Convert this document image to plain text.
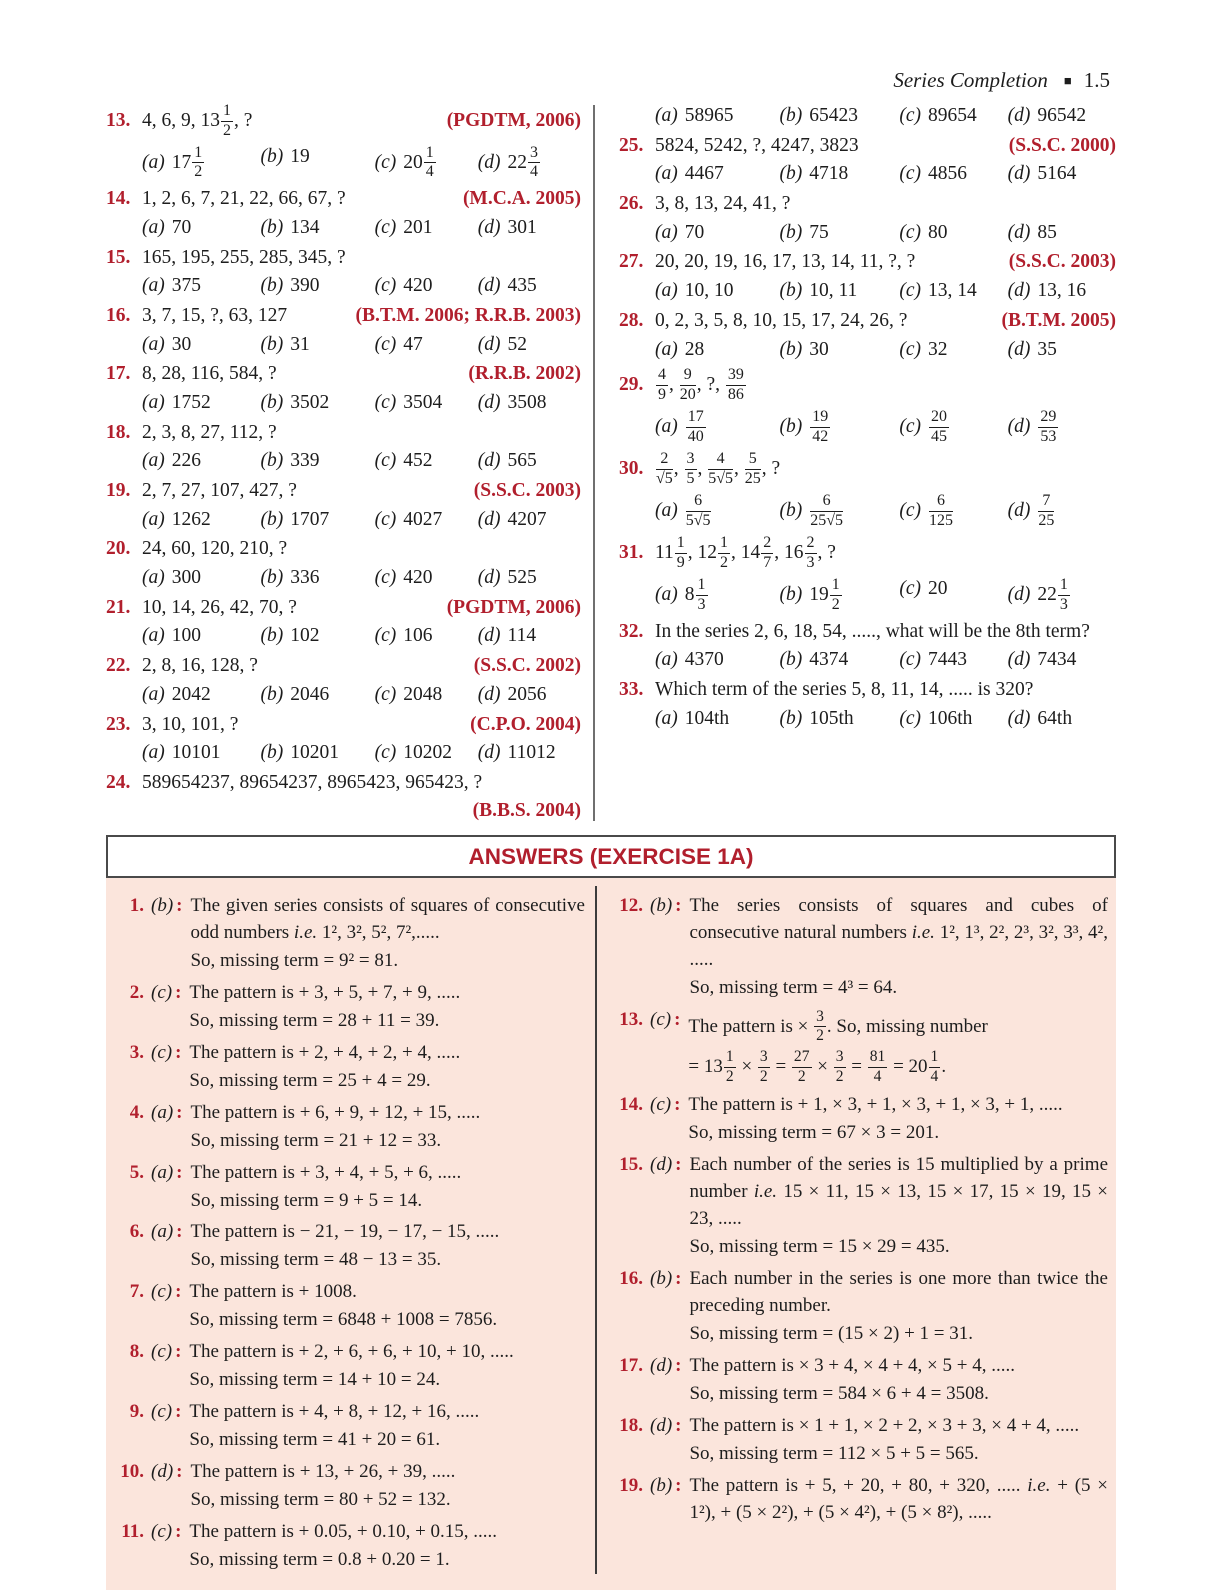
Series Completion ■ 1.5
13. 4, 6, 9, $13 \frac{1}{2}$ , ?	(PGDTM, 2006)
(a) $17 \frac{1}{2}$	(b) 19	(c) $20 \frac{1}{4} (d)$ $22 \frac{3}{4}$
14. 1, 2, 6, 7, 21, 22, 66, 67, ?	(M.C.A. 2005)
(a) 70	(b) 134	(c) 201	(d) 301
15. 165, 195, 255, 285, 345, ?
(a) 375	(b) 390	(c) 420	(d) 435
16. 3, 7, 15, ?, 63, 127	(B.T.M. 2006; R.R.B. 2003)
(a) 30	(b) 31	(c) 47	(d) 52
17. 8, 28, 116, 584, ?	(R.R.B. 2002)
(a) 1752	(b) 3502	(c) 3504	(d) 3508
18. 2, 3, 8, 27, 112, ?
(a) 226	(b) 339	(c) 452	(d) 565
19. 2, 7, 27, 107, 427, ?	(S.S.C. 2003)
(a) 1262	(b) 1707	(c) 4027	(d) 4207
20. 24, 60, 120, 210, ?
(a) 300	(b) 336	(c) 420	(d) 525
21. 10, 14, 26, 42, 70, ?	(PGDTM, 2006)
(a) 100	(b) 102	(c) 106	(d) 114
22. 2, 8, 16, 128, ?	(S.S.C. 2002)
(a) 2042	(b) 2046	(c) 2048	(d) 2056
23. 3, 10, 101, ?	(C.P.O. 2004)
(a) 10101	(b) 10201	(c) 10202	(d) 11012
24. 589654237, 89654237, 8965423, 965423, ?
(B.B.S. 2004)
(a) 58965	(b) 65423	(c) 89654	(d) 96542
25. 5824, 5242, ?, 4247, 3823	(S.S.C. 2000)
(a) 4467	(b) 4718	(c) 4856	(d) 5164
26. 3, 8, 13, 24, 41, ?
(a) 70	(b) 75	(c) 80	(d) 85
27. 20, 20, 19, 16, 17, 13, 14, 11, ?, ?	(S.S.C. 2003)
(a) 10, 10	(b) 10, 11	(c) 13, 14	(d) 13, 16
28. 0, 2, 3, 5, 8, 10, 15, 17, 24, 26, ?	(B.T.M. 2005)
(a) 28	(b) 30	(c) 32	(d) 35
29. $\frac{4}{9}$ , $\frac{9}{20}$ , ?, $\frac{39}{86}$
$(a) \frac{17}{40}$	$(b) \frac{19}{42}$	$(c) \frac{20}{45}$	$(d) \frac{29}{53}$
30. $\frac{2}{√5}$ , $\frac{3}{5}$ , $\frac{4}{5√5}$ , $\frac{5}{25}$ , ?
$(a) \frac{6}{5√5}$	$(b) \frac{6}{25√5}$	$(c) \frac{6}{125}$	$(d) \frac{7}{25}$
31. $11 \frac{1}{9}$ , $12 \frac{1}{2}$ , $14 \frac{2}{7}$ , $16 \frac{2}{3}$ , ?
(a) $8 \frac{1}{3}$	(b) $19 \frac{1}{2}$	(c) 20	(d) $22 \frac{1}{3}$
32. In the series 2, 6, 18, 54, ....., what will be the 8th term?
(a) 4370	(b) 4374	(c) 7443	(d) 7434
33. Which term of the series 5, 8, 11, 14, ..... is 320?
(a) 104th	(b) 105th	(c) 106th	(d) 64th
ANSWERS (EXERCISE 1A)
1. (b) : The given series consists of squares of consecutive odd numbers i.e. 1², 3², 5², 7²,.....
So, missing term = 9² = 81.
2. (c) : The pattern is + 3, + 5, + 7, + 9, .....
So, missing term = 28 + 11 = 39.
3. (c) : The pattern is + 2, + 4, + 2, + 4, .....
So, missing term = 25 + 4 = 29.
4. (a) : The pattern is + 6, + 9, + 12, + 15, .....
So, missing term = 21 + 12 = 33.
5. (a) : The pattern is + 3, + 4, + 5, + 6, .....
So, missing term = 9 + 5 = 14.
6. (a) : The pattern is − 21, − 19, − 17, − 15, .....
So, missing term = 48 − 13 = 35.
7. (c) : The pattern is + 1008.
So, missing term = 6848 + 1008 = 7856.
8. (c) : The pattern is + 2, + 6, + 6, + 10, + 10, .....
So, missing term = 14 + 10 = 24.
9. (c) : The pattern is + 4, + 8, + 12, + 16, .....
So, missing term = 41 + 20 = 61.
10. (d) : The pattern is + 13, + 26, + 39, .....
So, missing term = 80 + 52 = 132.
11. (c) : The pattern is + 0.05, + 0.10, + 0.15, .....
So, missing term = 0.8 + 0.20 = 1.
12. (b) : The series consists of squares and cubes of consecutive natural numbers i.e. 1², 1³, 2², 2³, 3², 3³, 4², .....
So, missing term = 4³ = 64.
13. (c) : The pattern is × $\frac{3}{2}$ . So, missing number
= $13 \frac{1}{2} \times \frac{3}{2} = \frac{27}{2} \times \frac{3}{2} = \frac{81}{4} = 20 \frac{1}{4}$ .
14. (c) : The pattern is + 1, × 3, + 1, × 3, + 1, × 3, + 1, .....
So, missing term = 67 × 3 = 201.
15. (d) : Each number of the series is 15 multiplied by a prime number i.e. 15 × 11, 15 × 13, 15 × 17, 15 × 19, 15 × 23, .....
So, missing term = 15 × 29 = 435.
16. (b) : Each number in the series is one more than twice the preceding number.
So, missing term = (15 × 2) + 1 = 31.
17. (d) : The pattern is × 3 + 4, × 4 + 4, × 5 + 4, .....
So, missing term = 584 × 6 + 4 = 3508.
18. (d) : The pattern is × 1 + 1, × 2 + 2, × 3 + 3, × 4 + 4, .....
So, missing term = 112 × 5 + 5 = 565.
19. (b) : The pattern is + 5, + 20, + 80, + 320, ..... i.e. + (5 × 1²), + (5 × 2²), + (5 × 4²), + (5 × 8²), .....
